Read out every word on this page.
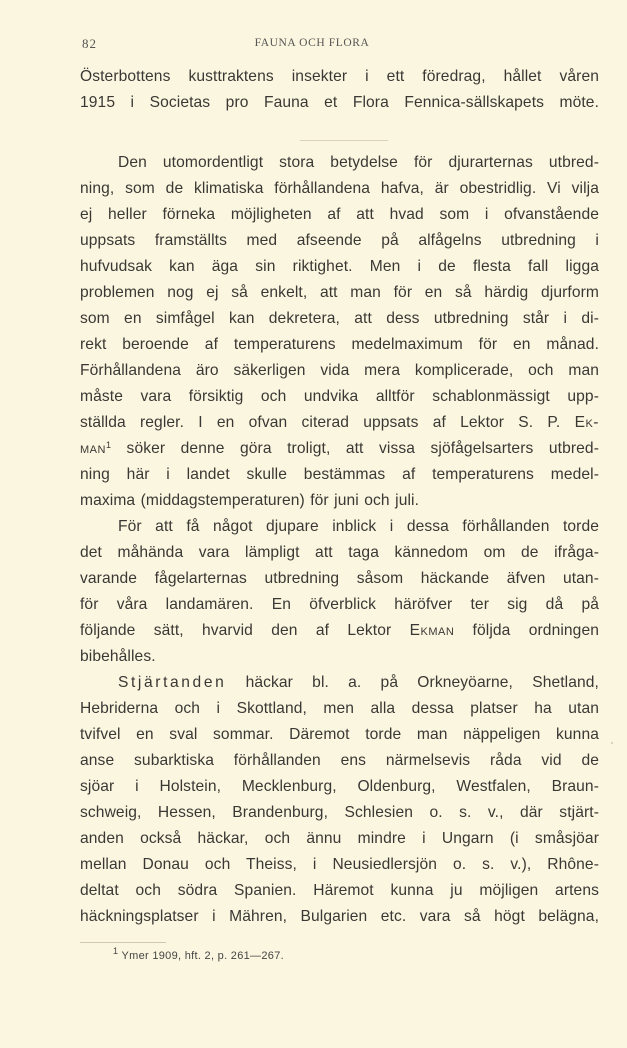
82	FAUNA OCH FLORA
Österbottens kusttraktens insekter i ett föredrag, hållet våren
1915 i Societas pro Fauna et Flora Fennica-sällskapets möte.
Den utomordentligt stora betydelse för djurarternas utbred-
ning, som de klimatiska förhållandena hafva, är obestridlig. Vi vilja
ej heller förneka möjligheten af att hvad som i ofvanstående
uppsats framställts med afseende på alfågelns utbredning i
hufvudsak kan äga sin riktighet. Men i de flesta fall ligga
problemen nog ej så enkelt, att man för en så härdig djurform
som en simfågel kan dekretera, att dess utbredning står i di-
rekt beroende af temperaturens medelmaximum för en månad.
Förhållandena äro säkerligen vida mera komplicerade, och man
måste vara försiktig och undvika alltför schablonmässigt upp-
ställda regler. I en ofvan citerad uppsats af Lektor S. P. Ek-
man$^1$ söker denne göra troligt, att vissa sjöfågelsarters utbred-
ning här i landet skulle bestämmas af temperaturens medel-
maxima (middagstemperaturen) för juni och juli.
För att få något djupare inblick i dessa förhållanden torde
det måhända vara lämpligt att taga kännedom om de ifråga-
varande fågelarternas utbredning såsom häckande äfven utan-
för våra landamären. En öfverblick häröfver ter sig då på
följande sätt, hvarvid den af Lektor Ekman följda ordningen
bibehålles.
Stjärtanden häckar bl. a. på Orkneyöarne, Shetland,
Hebriderna och i Skottland, men alla dessa platser ha utan
tvifvel en sval sommar. Däremot torde man näppeligen kunna
anse subarktiska förhållanden ens närmelsevis råda vid de
sjöar i Holstein, Mecklenburg, Oldenburg, Westfalen, Braun-
schweig, Hessen, Brandenburg, Schlesien o. s. v., där stjärt-
anden också häckar, och ännu mindre i Ungarn (i småsjöar
mellan Donau och Theiss, i Neusiedlersjön o. s. v.), Rhône-
deltat och södra Spanien. Häremot kunna ju möjligen artens
häckningsplatser i Mähren, Bulgarien etc. vara så högt belägna,
$^1$ Ymer 1909, hft. 2, p. 261—267.
